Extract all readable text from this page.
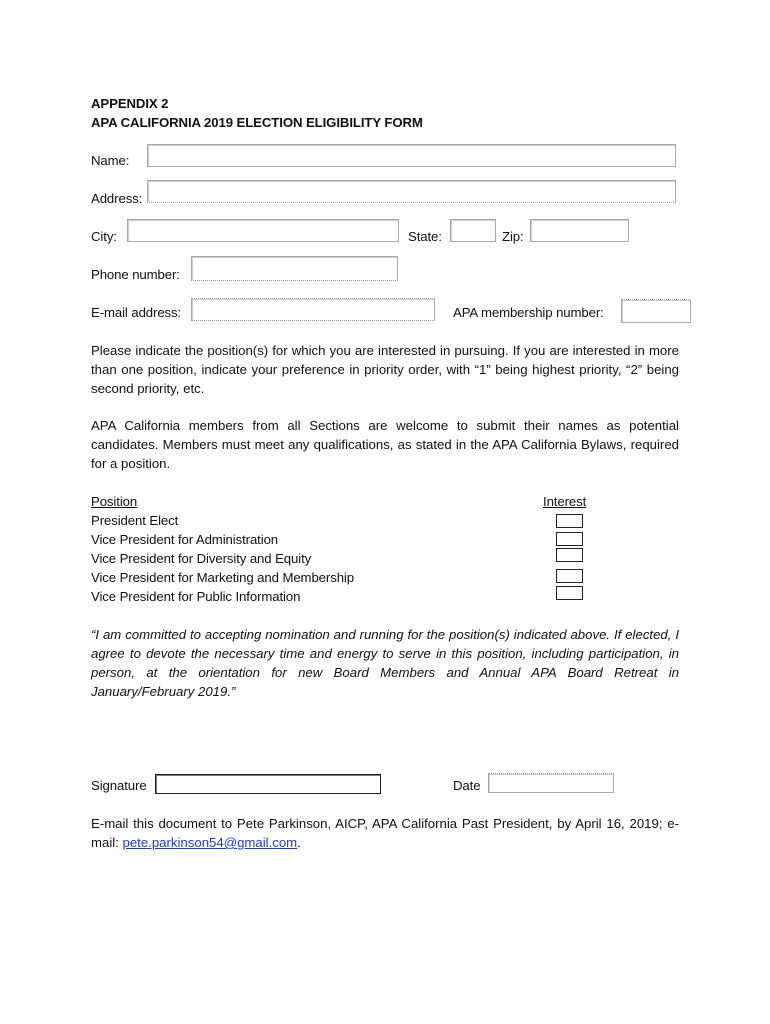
APPENDIX 2
APA CALIFORNIA 2019 ELECTION ELIGIBILITY FORM
Name:
Address:
City:	State:	Zip:
Phone number:
E-mail address:	APA membership number:
Please indicate the position(s) for which you are interested in pursuing. If you are interested in more than one position, indicate your preference in priority order, with “1” being highest priority, “2” being second priority, etc.
APA California members from all Sections are welcome to submit their names as potential candidates. Members must meet any qualifications, as stated in the APA California Bylaws, required for a position.
Position	Interest
President Elect
Vice President for Administration
Vice President for Diversity and Equity
Vice President for Marketing and Membership
Vice President for Public Information
“I am committed to accepting nomination and running for the position(s) indicated above. If elected, I agree to devote the necessary time and energy to serve in this position, including participation, in person, at the orientation for new Board Members and Annual APA Board Retreat in January/February 2019.”
Signature	Date
E-mail this document to Pete Parkinson, AICP, APA California Past President, by April 16, 2019; e-mail: pete.parkinson54@gmail.com.
